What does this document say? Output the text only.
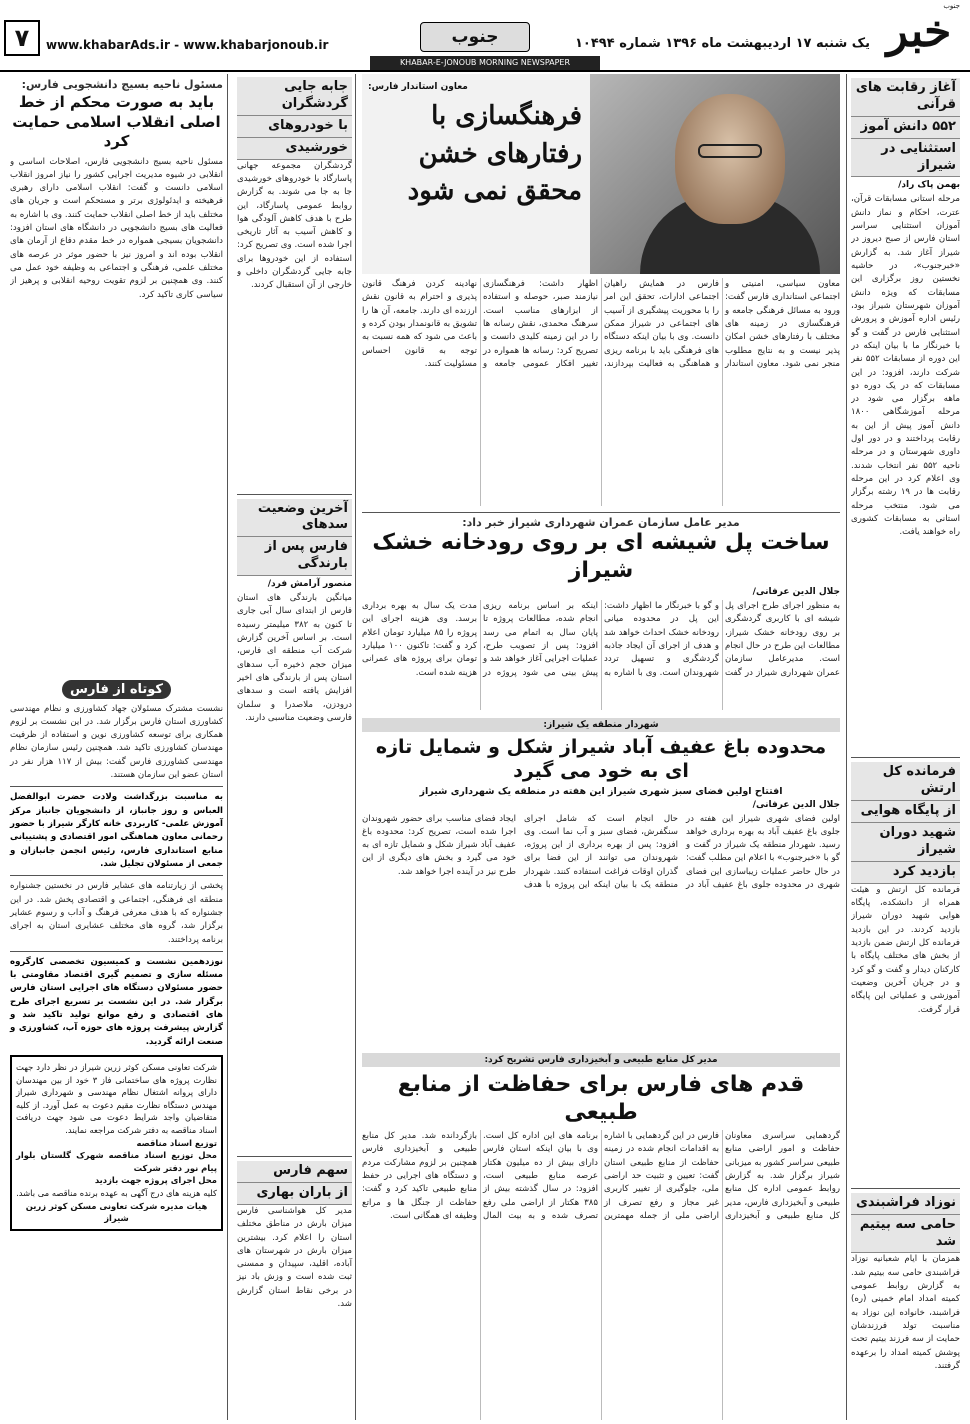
جنوب
خبر
یک شنبه ۱۷ اردیبهشت ماه ۱۳۹۶ شماره ۱۰۴۹۴
جنوب
www.khabarAds.ir - www.khabarjonoub.ir
۷
KHABAR-E-JONOUB MORNING NEWSPAPER
آغاز رقابت های قرآنی
۵۵۲ دانش آموز
استثنایی در شیراز
بهمن پاک راد/

مرحله استانی مسابقات قرآن، عترت، احکام و نماز دانش آموزان استثنایی سراسر استان فارس از صبح دیروز در شیراز آغاز شد. به گزارش «خبرجنوب»، در حاشیه نخستین روز برگزاری این مسابقات که ویژه دانش آموزان شهرستان شیراز بود، رئیس اداره آموزش و پرورش استثنایی فارس در گفت و گو با خبرنگار ما با بیان اینکه در این دوره از مسابقات ۵۵۲ نفر شرکت دارند، افزود: در این مسابقات که در یک دوره دو ماهه برگزار می شود در مرحله آموزشگاهی ۱۸۰۰ دانش آموز پیش از این به رقابت پرداختند و در دور اول داوری شهرستان و در مرحله ناحیه ۵۵۲ نفر انتخاب شدند. وی اعلام کرد در این مرحله رقابت ها در ۱۹ رشته برگزار می شود. منتخب مرحله استانی به مسابقات کشوری راه خواهند یافت.

فرمانده کل ارتش
از پایگاه هوایی
شهید دوران شیراز
بازدید کرد

فرمانده کل ارتش و هیئت همراه از دانشکده، پایگاه هوایی شهید دوران شیراز بازدید کردند. در این بازدید فرمانده کل ارتش ضمن بازدید از بخش های مختلف پایگاه با کارکنان دیدار و گفت و گو کرد و در جریان آخرین وضعیت آموزشی و عملیاتی این پایگاه قرار گرفت.

نوزاد فراشبندی
حامی سه بیتیم شد

همزمان با ایام شعبانیه نوزاد فراشبندی حامی سه بیتیم شد. به گزارش روابط عمومی کمیته امداد امام خمینی (ره) فراشبند، خانواده این نوزاد به مناسبت تولد فرزندشان حمایت از سه فرزند بیتیم تحت پوشش کمیته امداد را برعهده گرفتند.

معاون استاندار فارس:
فرهنگسازی با رفتارهای خشن محقق نمی شود

معاون سیاسی، امنیتی و اجتماعی استانداری فارس گفت: ورود به مسائل فرهنگی جامعه و فرهنگسازی در زمینه های مختلف با رفتارهای خشن امکان پذیر نیست و به نتایج مطلوب منجر نمی شود. معاون استاندار فارس در همایش راهیان اجتماعی ادارات، تحقق این امر را با محوریت پیشگیری از آسیب های اجتماعی در شیراز ممکن دانست. وی با بیان اینکه دستگاه های فرهنگی باید با برنامه ریزی و هماهنگی به فعالیت بپردازند، اظهار داشت: فرهنگسازی نیازمند صبر، حوصله و استفاده از ابزارهای مناسب است. سرهنگ محمدی، نقش رسانه ها را در این زمینه کلیدی دانست و تصریح کرد: رسانه ها همواره در تغییر افکار عمومی جامعه و نهادینه کردن فرهنگ قانون پذیری و احترام به قانون نقش ارزنده ای دارند. جامعه، آن ها را تشویق به قانونمدار بودن کرده و باعث می شود که همه نسبت به توجه به قانون احساس مسئولیت کنند.

مدیر عامل سازمان عمران شهرداری شیراز خبر داد:
ساخت پل شیشه ای بر روی رودخانه خشک شیراز
جلال الدین عرفانی/

به منظور اجرای طرح اجرای پل شیشه ای با کاربری گردشگری بر روی رودخانه خشک شیراز، مطالعات این طرح در حال انجام است. مدیرعامل سازمان عمران شهرداری شیراز در گفت و گو با خبرنگار ما اظهار داشت: این پل در محدوده میانی رودخانه خشک احداث خواهد شد و هدف از اجرای آن ایجاد جاذبه گردشگری و تسهیل تردد شهروندان است. وی با اشاره به اینکه بر اساس برنامه ریزی انجام شده، مطالعات پروژه تا پایان سال به اتمام می رسد افزود: پس از تصویب طرح، عملیات اجرایی آغاز خواهد شد و پیش بینی می شود پروژه در مدت یک سال به بهره برداری برسد. وی هزینه اجرای این پروژه را ۸۵ میلیارد تومان اعلام کرد و گفت: تاکنون ۱۰۰ میلیارد تومان برای پروژه های عمرانی هزینه شده است.

شهردار منطقه یک شیراز:
محدوده باغ عفیف آباد شیراز شکل و شمایل تازه ای به خود می گیرد
افتتاح اولین فضای سبز شهری شیراز این هفته در منطقه یک شهرداری شیراز
جلال الدین عرفانی/

اولین فضای شهری شیراز این هفته در جلوی باغ عفیف آباد به بهره برداری خواهد رسید. شهردار منطقه یک شیراز در گفت و گو با «خبرجنوب» با اعلام این مطلب گفت: در حال حاضر عملیات زیباسازی این فضای شهری در محدوده جلوی باغ عفیف آباد در حال انجام است که شامل اجرای سنگفرش، فضای سبز و آب نما است. وی افزود: پس از بهره برداری از این پروژه، شهروندان می توانند از این فضا برای گذران اوقات فراغت استفاده کنند. شهردار منطقه یک با بیان اینکه این پروژه با هدف ایجاد فضای مناسب برای حضور شهروندان اجرا شده است، تصریح کرد: محدوده باغ عفیف آباد شیراز شکل و شمایل تازه ای به خود می گیرد و بخش های دیگری از این طرح نیز در آینده اجرا خواهد شد.

مدیر کل منابع طبیعی و آبخیزداری فارس تشریح کرد:
قدم های فارس برای حفاظت از منابع طبیعی

گردهمایی سراسری معاونان حفاظت و امور اراضی منابع طبیعی سراسر کشور به میزبانی شیراز برگزار شد. به گزارش روابط عمومی اداره کل منابع طبیعی و آبخیزداری فارس، مدیر کل منابع طبیعی و آبخیزداری فارس در این گردهمایی با اشاره به اقدامات انجام شده در زمینه حفاظت از منابع طبیعی استان گفت: تعیین و تثبیت حد اراضی ملی، جلوگیری از تغییر کاربری غیر مجاز و رفع تصرف از اراضی ملی از جمله مهمترین برنامه های این اداره کل است. وی با بیان اینکه استان فارس دارای بیش از ده میلیون هکتار عرصه منابع طبیعی است، افزود: در سال گذشته بیش از ۳۸۵ هکتار از اراضی ملی رفع تصرف شده و به بیت المال بازگردانده شد. مدیر کل منابع طبیعی و آبخیزداری فارس همچنین بر لزوم مشارکت مردم و دستگاه های اجرایی در حفظ منابع طبیعی تاکید کرد و گفت: حفاظت از جنگل ها و مراتع وظیفه ای همگانی است.

جابه جایی گردشگران
با خودروهای
خورشیدی

گردشگران مجموعه جهانی پاسارگاد با خودروهای خورشیدی جا به جا می شوند. به گزارش روابط عمومی پاسارگاد، این طرح با هدف کاهش آلودگی هوا و کاهش آسیب به آثار تاریخی اجرا شده است. وی تصریح کرد: استفاده از این خودروها برای جابه جایی گردشگران داخلی و خارجی از آن استقبال کردند.

آخرین وضعیت سدهای
فارس پس از بارندگی
منصور آرامش فرد/

میانگین بارندگی های استان فارس از ابتدای سال آبی جاری تا کنون به ۳۸۲ میلیمتر رسیده است. بر اساس آخرین گزارش شرکت آب منطقه ای فارس، میزان حجم ذخیره آب سدهای استان پس از بارندگی های اخیر افزایش یافته است و سدهای درودزن، ملاصدرا و سلمان فارسی وضعیت مناسبی دارند.

سهم فارس
از باران بهاری

مدیر کل هواشناسی فارس میزان بارش در مناطق مختلف استان را اعلام کرد. بیشترین میزان بارش در شهرستان های آباده، اقلید، سپیدان و ممسنی ثبت شده است و وزش باد نیز در برخی نقاط استان گزارش شد.

مسئول ناحیه بسیج دانشجویی فارس:
باید به صورت محکم از خط اصلی انقلاب اسلامی حمایت کرد

مسئول ناحیه بسیج دانشجویی فارس، اصلاحات اساسی و انقلابی در شیوه مدیریت اجرایی کشور را نیاز امروز انقلاب اسلامی دانست و گفت: انقلاب اسلامی دارای رهبری فرهیخته و ایدئولوژی برتر و مستحکم است و جریان های مختلف باید از خط اصلی انقلاب حمایت کنند. وی با اشاره به فعالیت های بسیج دانشجویی در دانشگاه های استان افزود: دانشجویان بسیجی همواره در خط مقدم دفاع از آرمان های انقلاب بوده اند و امروز نیز با حضور موثر در عرصه های مختلف علمی، فرهنگی و اجتماعی به وظیفه خود عمل می کنند. وی همچنین بر لزوم تقویت روحیه انقلابی و پرهیز از سیاسی کاری تاکید کرد.

کوتاه از فارس

نشست مشترک مسئولان جهاد کشاورزی و نظام مهندسی کشاورزی استان فارس برگزار شد. در این نشست بر لزوم همکاری برای توسعه کشاورزی نوین و استفاده از ظرفیت مهندسان کشاورزی تاکید شد. همچنین رئیس سازمان نظام مهندسی کشاورزی فارس گفت: بیش از ۱۱۷ هزار نفر در استان عضو این سازمان هستند.

به مناسبت بزرگداشت ولادت حضرت ابوالفضل العباس و روز جانباز، از دانشجویان جانباز مرکز آموزش علمی- کاربردی خانه کارگر شیراز با حضور رحمانی معاون هماهنگی امور اقتصادی و پشتیبانی منابع استانداری فارس، رئیس انجمن جانبازان و جمعی از مسئولان تجلیل شد.

پخشی از زیارتنامه های عشایر فارس در نخستین جشنواره منطقه ای فرهنگی، اجتماعی و اقتصادی پخش شد. در این جشنواره که با هدف معرفی فرهنگ و آداب و رسوم عشایر برگزار شد، گروه های مختلف عشایری استان به اجرای برنامه پرداختند.

نوزدهمین نشست و کمیسیون تخصصی کارگروه مسئله سازی و تصمیم گیری اقتصاد مقاومتی با حضور مسئولان دستگاه های اجرایی استان فارس برگزار شد. در این نشست بر تسریع اجرای طرح های اقتصادی و رفع موانع تولید تاکید شد و گزارش پیشرفت پروژه های حوزه آب، کشاورزی و صنعت ارائه گردید.

شرکت تعاونی مسکن کوثر زرین شیراز در نظر دارد جهت نظارت پروژه های ساختمانی فاز ۳ خود از بین مهندسان دارای پروانه اشتغال نظام مهندسی و شهرداری شیراز مهندس دستگاه نظارت مقیم دعوت به عمل آورد. از کلیه متقاضیان واجد شرایط دعوت می شود جهت دریافت اسناد مناقصه به دفتر شرکت مراجعه نمایند.

توزیع اسناد مناقصه

محل توزیع اسناد مناقصه شهرک گلستان بلوار پیام نور دفتر شرکت

محل اجرای پروژه جهت بازدید

کلیه هزینه های درج آگهی به عهده برنده مناقصه می باشد.

هیات مدیره شرکت تعاونی مسکن کوثر زرین شیراز
